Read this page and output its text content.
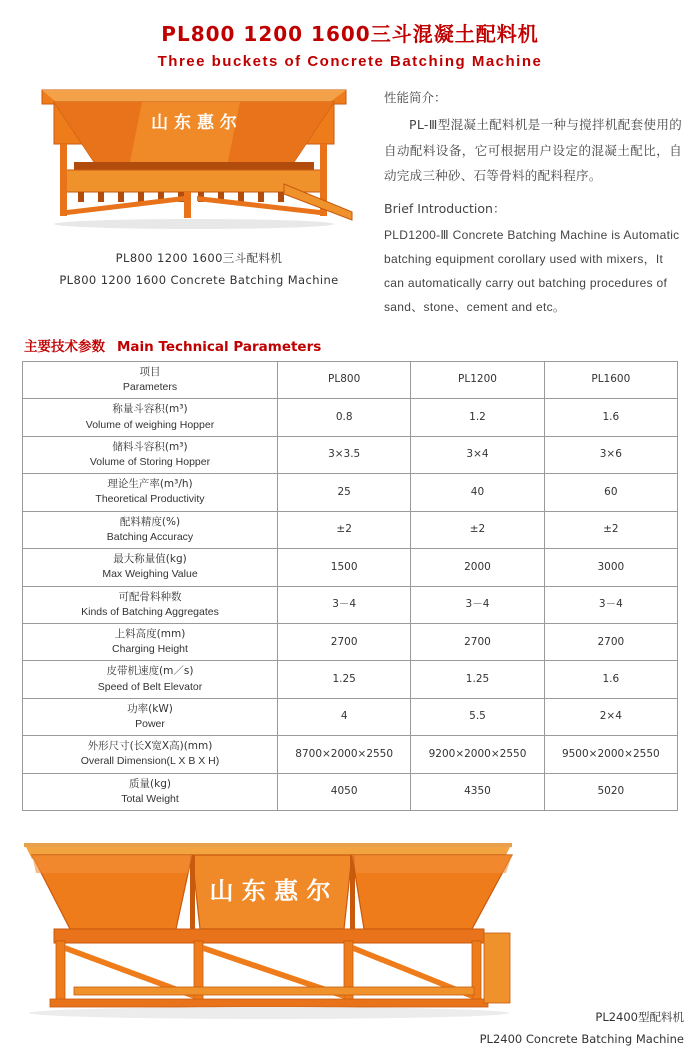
PL800 1200 1600三斗混凝土配料机
Three buckets of Concrete Batching Machine
山 东 惠 尔
PL800 1200 1600三斗配料机
PL800 1200 1600 Concrete Batching Machine
性能简介：
PL-Ⅲ型混凝土配料机是一种与搅拌机配套使用的自动配料设备，它可根据用户设定的混凝土配比，自动完成三种砂、石等骨料的配料程序。
Brief Introduction：
PLD1200-Ⅲ Concrete Batching Machine is Automatic batching equipment corollary used with mixers，It can automatically carry out batching procedures of sand、stone、cement and etc。
主要技术参数 Main Technical Parameters
项目
Parameters	PL800	PL1200	PL1600

称量斗容积(m³)
Volume of weighing Hopper	0.8	1.2	1.6

储料斗容积(m³)
Volume of Storing Hopper	3×3.5	3×4	3×6

理论生产率(m³/h)
Theoretical Productivity	25	40	60

配料精度(%)
Batching Accuracy	±2	±2	±2

最大称量值(kg)
Max Weighing Value	1500	2000	3000

可配骨料种数
Kinds of Batching Aggregates	3－4	3－4	3－4

上料高度(mm)
Charging Height	2700	2700	2700

皮带机速度(m／s)
Speed of Belt Elevator	1.25	1.25	1.6

功率(kW)
Power	4	5.5	2×4

外形尺寸(长X宽X高)(mm)
Overall Dimension(L X B X H)	8700×2000×2550	9200×2000×2550	9500×2000×2550

质量(kg)
Total Weight	4050	4350	5020
山 东 惠 尔
PL2400型配料机
PL2400 Concrete Batching Machine
